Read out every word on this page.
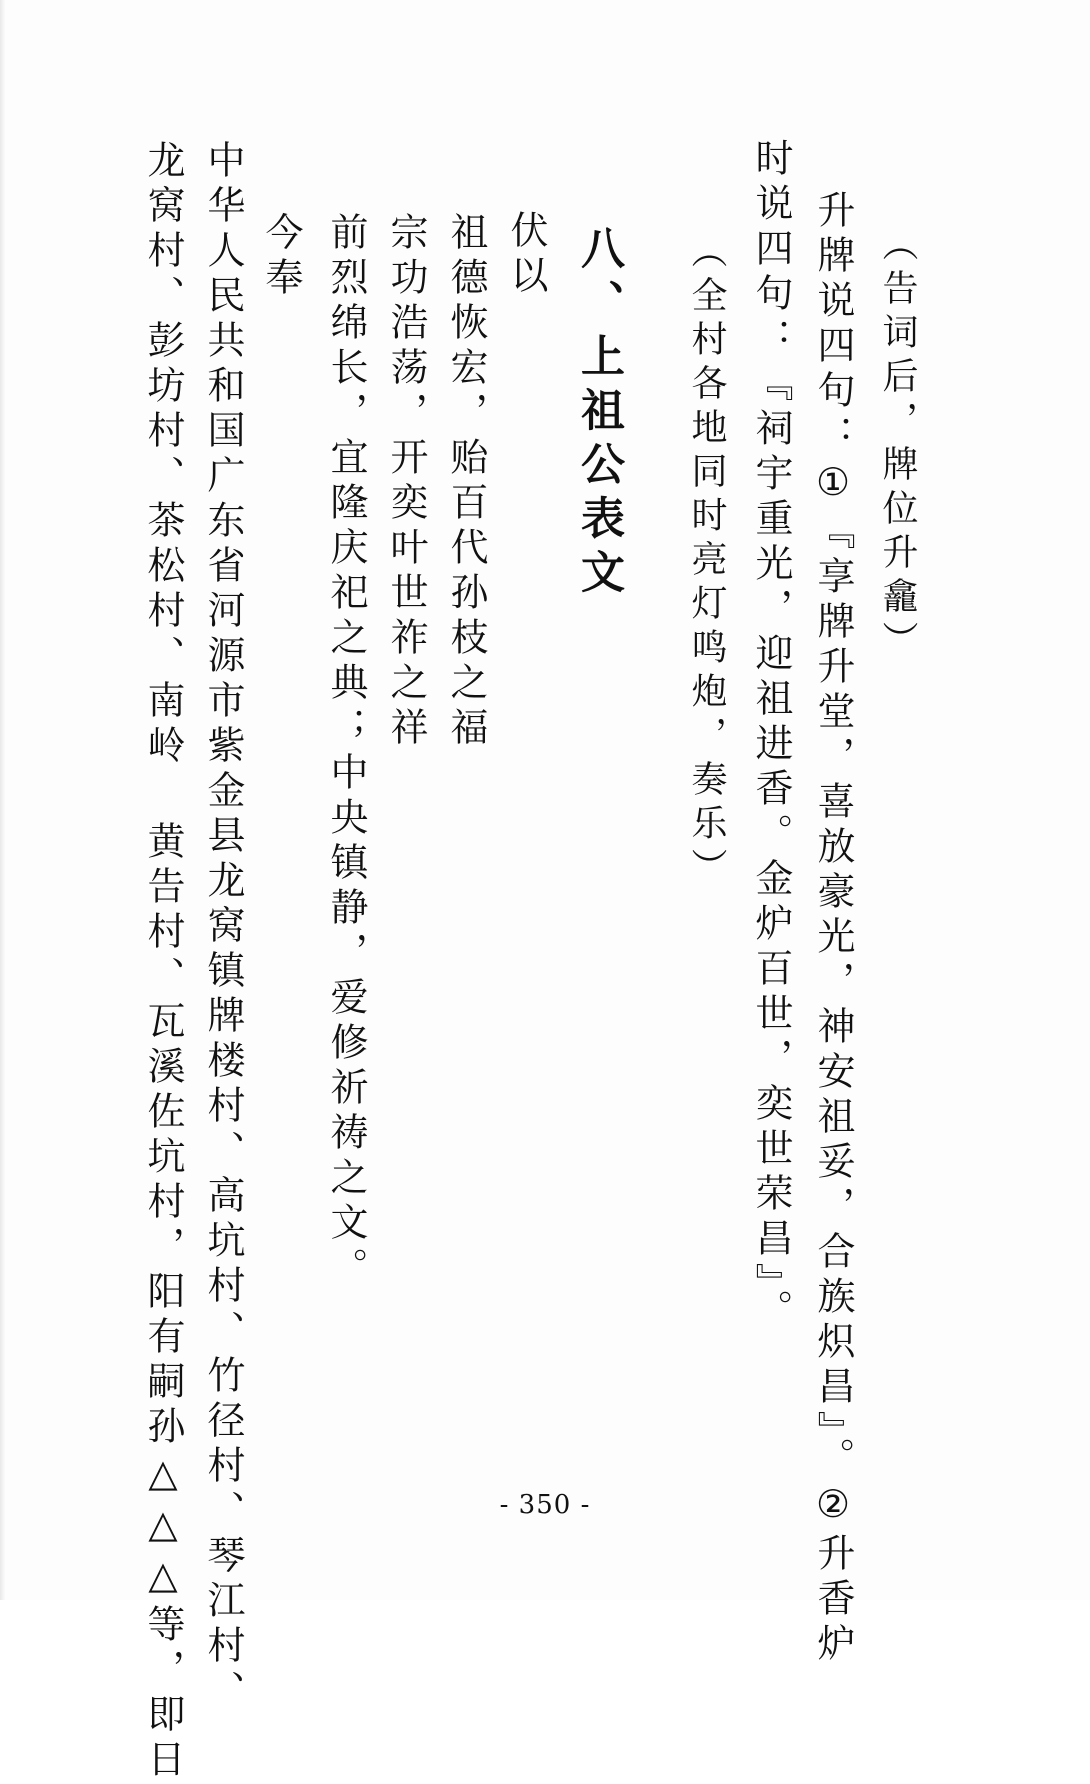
（告词后，牌位升龕）
升牌说四句：①『享牌升堂，喜放豪光，神安祖妥，合族炽昌』。②升香炉
时说四句：『祠宇重光，迎祖进香。金炉百世，奕世荣昌』。
（全村各地同时亮灯鸣炮，奏乐）
八、上祖公表文
伏以
祖德恢宏，贻百代孙枝之福
宗功浩荡，开奕叶世祚之祥
前烈绵长，宜隆庆祀之典；中央镇静，爱修祈祷之文。
今奉
中华人民共和国广东省河源市紫金县龙窝镇牌楼村、高坑村、竹径村、琴江村、
龙窝村、彭坊村、茶松村、南岭 黄告村、瓦溪佐坑村，阳有嗣孙△△△等，即日	- 350 -
